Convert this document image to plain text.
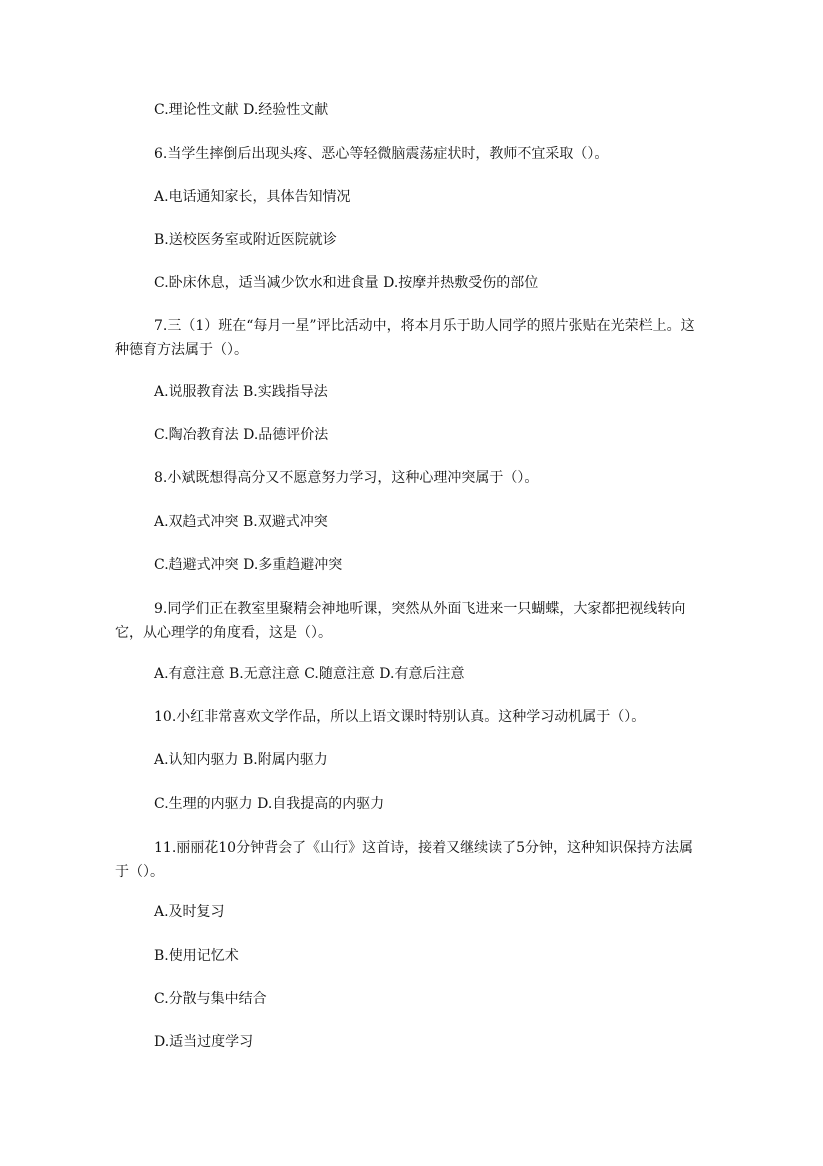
C.理论性文献 D.经验性文献

6.当学生摔倒后出现头疼、恶心等轻微脑震荡症状时，教师不宜采取（）。

A.电话通知家长，具体告知情况

B.送校医务室或附近医院就诊

C.卧床休息，适当减少饮水和进食量 D.按摩并热敷受伤的部位

7.三（1）班在“每月一星”评比活动中，将本月乐于助人同学的照片张贴在光荣栏上。这种德育方法属于（）。

A.说服教育法 B.实践指导法

C.陶冶教育法 D.品德评价法

8.小斌既想得高分又不愿意努力学习，这种心理冲突属于（）。

A.双趋式冲突 B.双避式冲突

C.趋避式冲突 D.多重趋避冲突

9.同学们正在教室里聚精会神地听课，突然从外面飞进来一只蝴蝶，大家都把视线转向它，从心理学的角度看，这是（）。

A.有意注意 B.无意注意 C.随意注意 D.有意后注意

10.小红非常喜欢文学作品，所以上语文课时特别认真。这种学习动机属于（）。

A.认知内驱力 B.附属内驱力

C.生理的内驱力 D.自我提高的内驱力

11.丽丽花10分钟背会了《山行》这首诗，接着又继续读了5分钟，这种知识保持方法属于（）。

A.及时复习

B.使用记忆术

C.分散与集中结合

D.适当过度学习
